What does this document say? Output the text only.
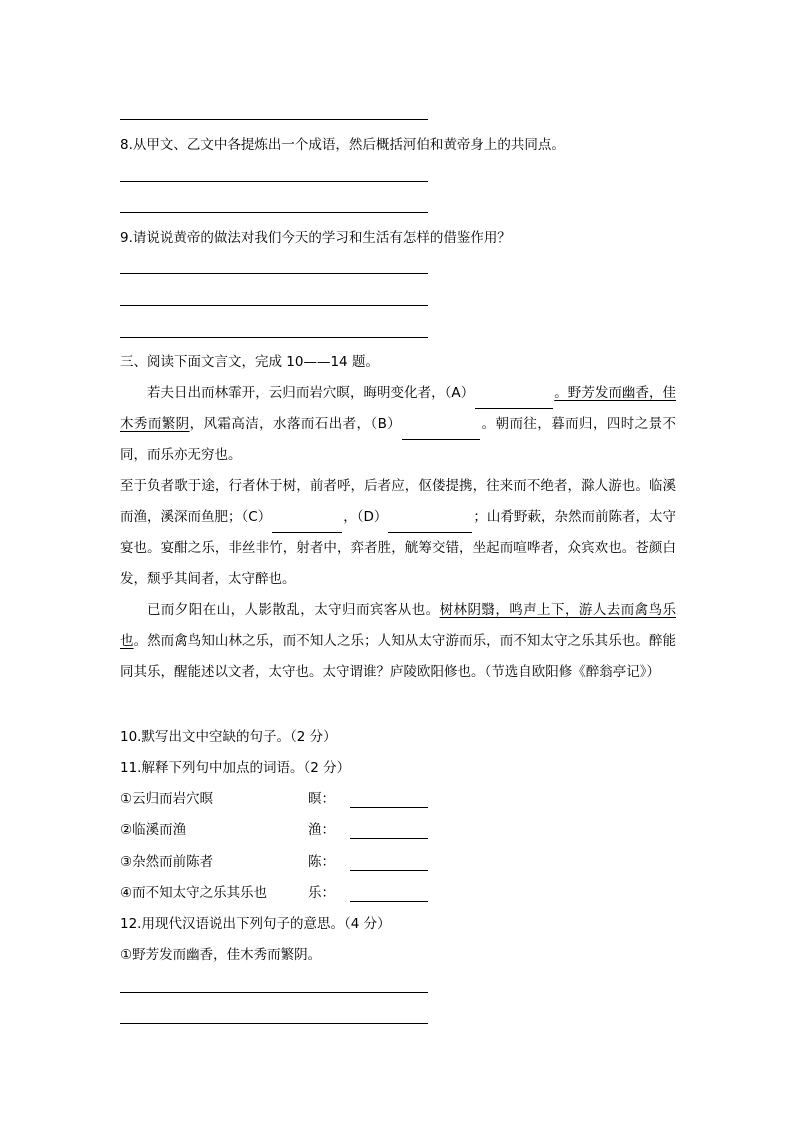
8.从甲文、乙文中各提炼出一个成语，然后概括河伯和黄帝身上的共同点。
9.请说说黄帝的做法对我们今天的学习和生活有怎样的借鉴作用？
三、阅读下面文言文，完成 10——14 题。

若夫日出而林霏开，云归而岩穴暝，晦明变化者，（A）	。野芳发而幽香，佳木秀而繁阴，风霜高洁，水落而石出者，（B）	。朝而往，暮而归，四时之景不同，而乐亦无穷也。

至于负者歌于途，行者休于树，前者呼，后者应，伛偻提携，往来而不绝者，滁人游也。临溪而渔，溪深而鱼肥；（C）	，（D）	；山肴野蔌，杂然而前陈者，太守宴也。宴酣之乐，非丝非竹，射者中，弈者胜，觥筹交错，坐起而喧哗者，众宾欢也。苍颜白发，颓乎其间者，太守醉也。

已而夕阳在山，人影散乱，太守归而宾客从也。树林阴翳，鸣声上下，游人去而禽鸟乐也。然而禽鸟知山林之乐，而不知人之乐；人知从太守游而乐，而不知太守之乐其乐也。醉能同其乐，醒能述以文者，太守也。太守谓谁？庐陵欧阳修也。（节选自欧阳修《醉翁亭记》）

10.默写出文中空缺的句子。（2 分）
11.解释下列句中加点的词语。（2 分）
①云归而岩穴暝	暝：
②临溪而渔	渔：
③杂然而前陈者	陈：
④而不知太守之乐其乐也	乐：
12.用现代汉语说出下列句子的意思。（4 分）
①野芳发而幽香，佳木秀而繁阴。
